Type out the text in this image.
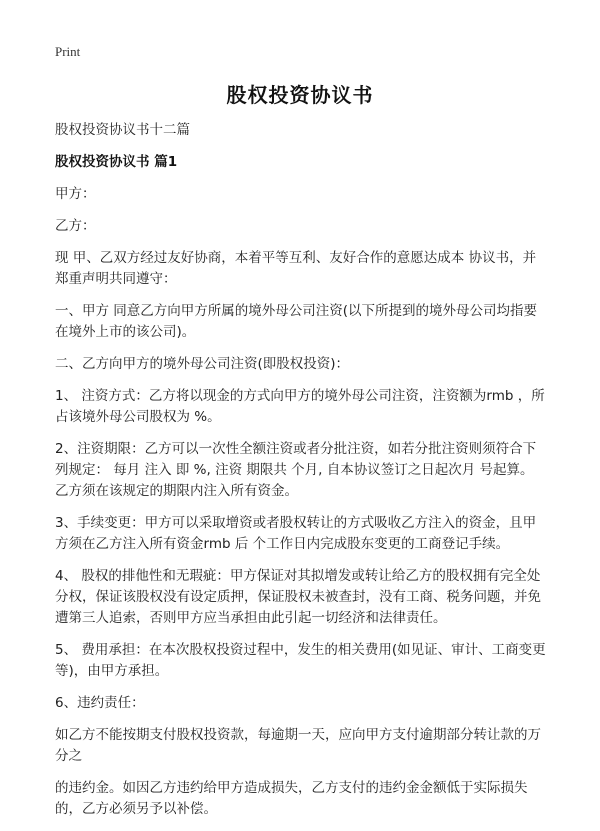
Print
股权投资协议书

股权投资协议书十二篇

股权投资协议书 篇1

甲方：

乙方：

现 甲、乙双方经过友好协商，本着平等互利、友好合作的意愿达成本 协议书，并郑重声明共同遵守：

一、甲方 同意乙方向甲方所属的境外母公司注资(以下所提到的境外母公司均指要在境外上市的该公司)。

二、乙方向甲方的境外母公司注资(即股权投资)：

1、 注资方式：乙方将以现金的方式向甲方的境外母公司注资，注资额为rmb ，所占该境外母公司股权为 %。

2、注资期限：乙方可以一次性全额注资或者分批注资，如若分批注资则须符合下列规定： 每月 注入 即 %, 注资 期限共 个月, 自本协议签订之日起次月 号起算。 乙方须在该规定的期限内注入所有资金。

3、手续变更：甲方可以采取增资或者股权转让的方式吸收乙方注入的资金，且甲方须在乙方注入所有资金rmb 后 个工作日内完成股东变更的工商登记手续。

4、 股权的排他性和无瑕疵：甲方保证对其拟增发或转让给乙方的股权拥有完全处分权，保证该股权没有设定质押，保证股权未被查封，没有工商、税务问题，并免遭第三人追索，否则甲方应当承担由此引起一切经济和法律责任。

5、 费用承担：在本次股权投资过程中，发生的相关费用(如见证、审计、工商变更等)，由甲方承担。

6、违约责任：

如乙方不能按期支付股权投资款，每逾期一天，应向甲方支付逾期部分转让款的万分之

的违约金。如因乙方违约给甲方造成损失，乙方支付的违约金金额低于实际损失的，乙方必须另予以补偿。
